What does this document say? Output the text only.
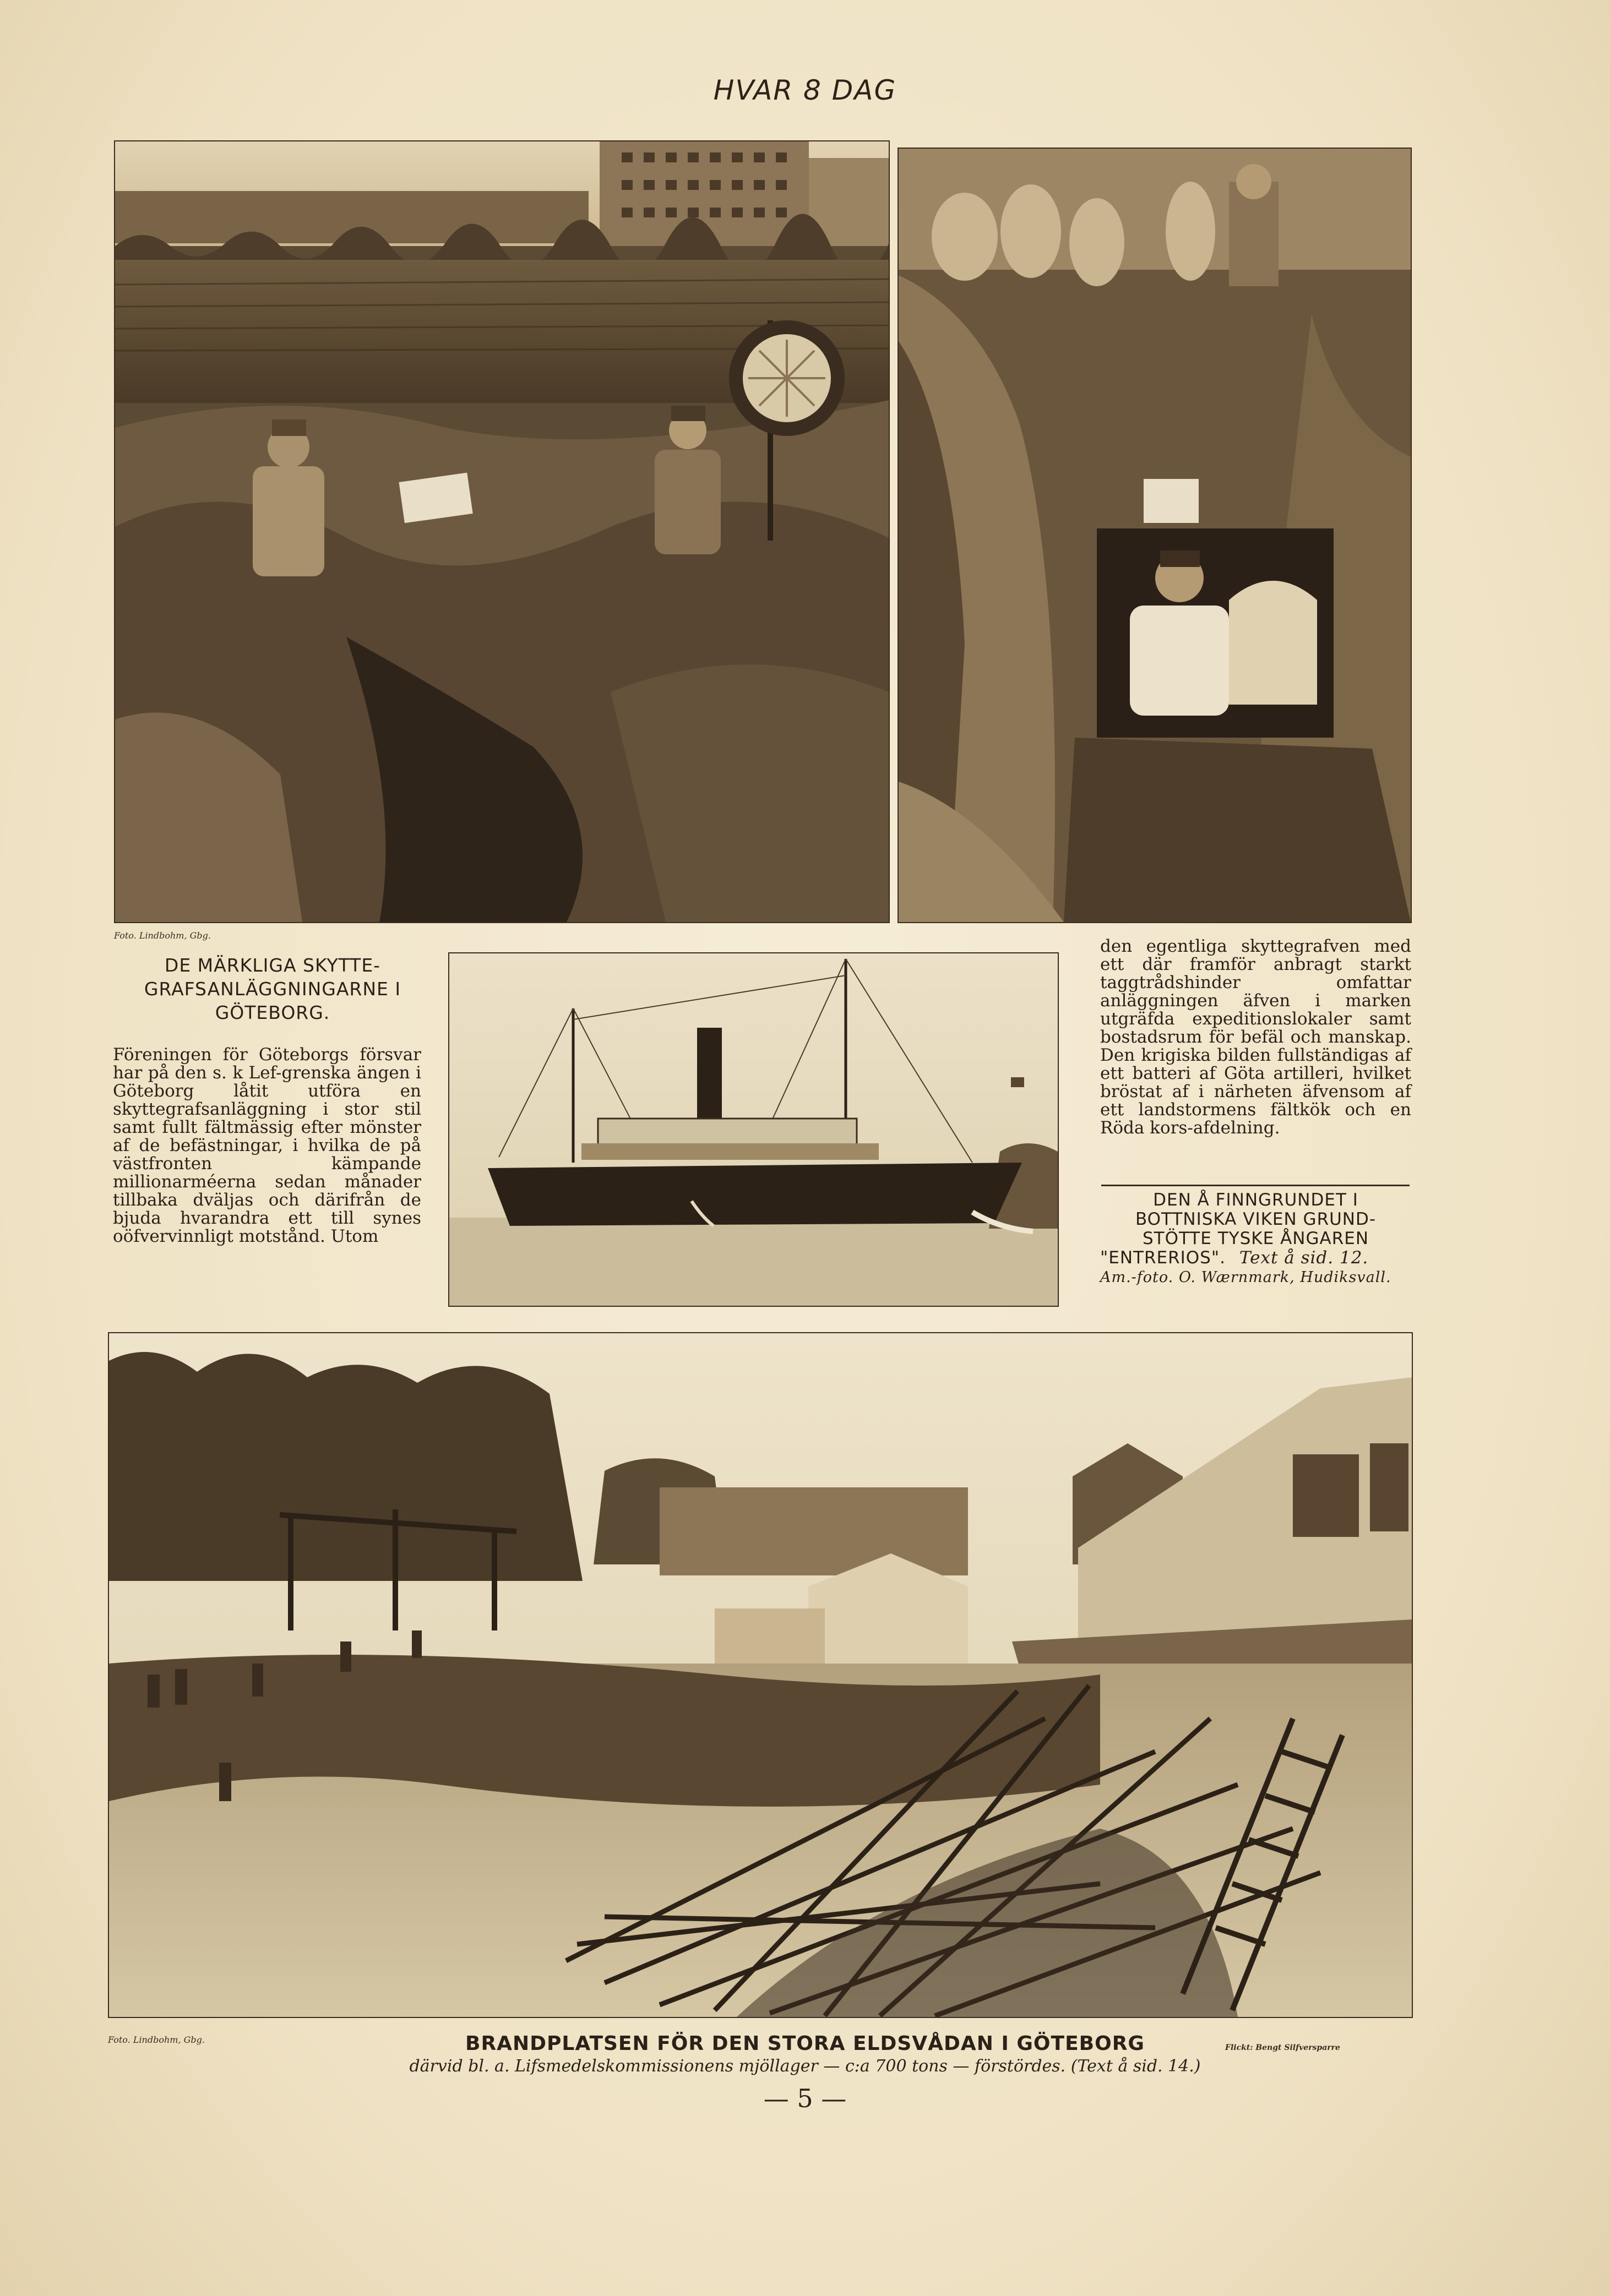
HVAR 8 DAG
Foto. Lindbohm, Gbg.
DE MÄRKLIGA SKYTTE-
GRAFSANLÄGGNINGARNE I
GÖTEBORG.
Föreningen för Göteborgs försvar har på den s. k Lef-grenska ängen i Göteborg låtit utföra en skyttegrafsanläggning i stor stil samt fullt fältmässig efter mönster af de befästningar, i hvilka de på västfronten kämpande millionarméerna sedan månader tillbaka dväljas och därifrån de bjuda hvarandra ett till synes oöfvervinnligt motstånd. Utom
den egentliga skyttegrafven med ett där framför anbragt starkt taggtrådshinder omfattar anläggningen äfven i marken utgräfda expeditionslokaler samt bostadsrum för befäl och manskap. Den krigiska bilden fullständigas af ett batteri af Göta artilleri, hvilket bröstat af i närheten äfvensom af ett landstormens fältkök och en Röda kors-afdelning.
DEN Å FINNGRUNDET I
BOTTNISKA VIKEN GRUND-
STÖTTE TYSKE ÅNGAREN
"ENTRERIOS". Text å sid. 12.
Am.-foto. O. Wærnmark, Hudiksvall.
Foto. Lindbohm, Gbg.
Flickt: Bengt Silfversparre
BRANDPLATSEN FÖR DEN STORA ELDSVÅDAN I GÖTEBORG
därvid bl. a. Lifsmedelskommissionens mjöllager — c:a 700 tons — förstördes. (Text å sid. 14.)
— 5 —
